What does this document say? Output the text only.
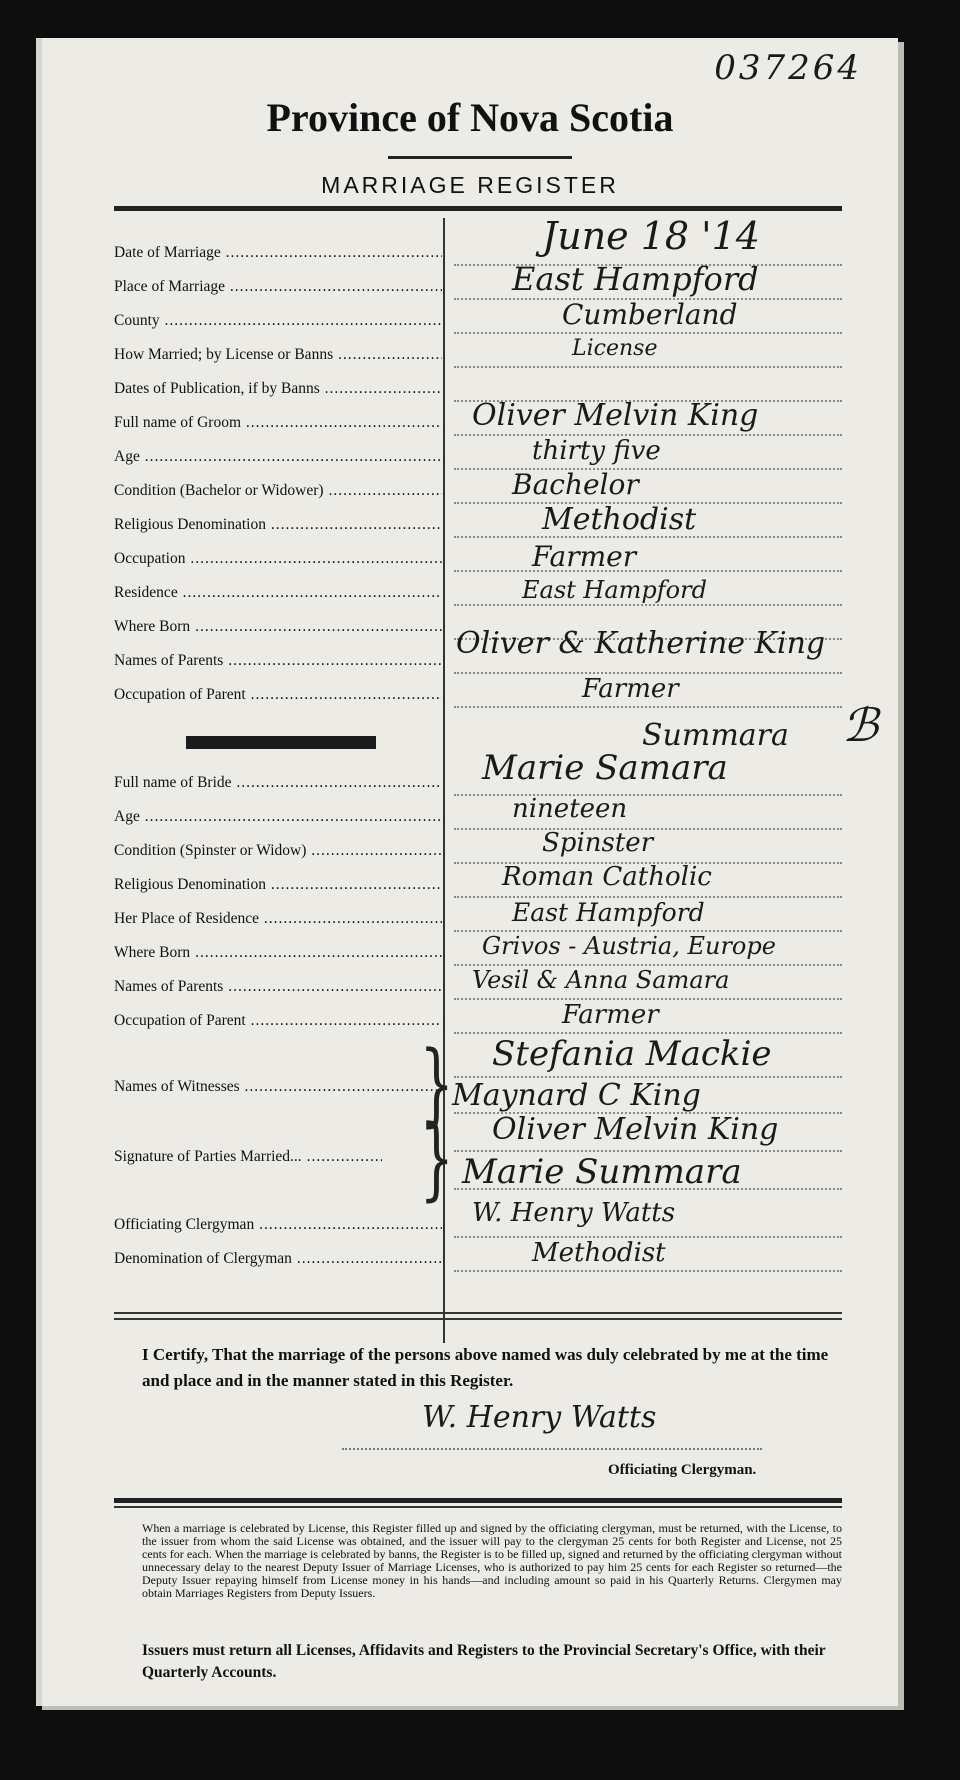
037264
Province of Nova Scotia
MARRIAGE REGISTER
Date of Marriage .....	June 18 '14
Place of Marriage .....	East Hampford
County .....	Cumberland
How Married; by License or Banns .....	License
Dates of Publication, if by Banns .....
Full name of Groom .....	Oliver Melvin King
Age .....	thirty five
Condition (Bachelor or Widower) .....	Bachelor
Religious Denomination .....	Methodist
Occupation .....	Farmer
Residence .....	East Hampford
Where Born .....
Names of Parents .....	Oliver & Katherine King
Occupation of Parent .....	Farmer
Summara ℬ
Full name of Bride .....	Marie Samara
Age .....	nineteen
Condition (Spinster or Widow) .....	Spinster
Religious Denomination .....	Roman Catholic
Her Place of Residence .....	East Hampford
Where Born .....	Grivos - Austria, Europe
Names of Parents .....	Vesil & Anna Samara
Occupation of Parent .....	Farmer
Names of Witnesses .....	} Stefania Mackie
Maynard C King
Signature of Parties Married... .....	} Oliver Melvin King
Marie Summara
Officiating Clergyman .....	W. Henry Watts
Denomination of Clergyman .....	Methodist
I Certify, That the marriage of the persons above named was duly celebrated by me at the time and place and in the manner stated in this Register.
W. Henry Watts
Officiating Clergyman.
When a marriage is celebrated by License, this Register filled up and signed by the officiating clergyman, must be returned, with the License, to the issuer from whom the said License was obtained, and the issuer will pay to the clergyman 25 cents for both Register and License, not 25 cents for each. When the marriage is celebrated by banns, the Register is to be filled up, signed and returned by the officiating clergyman without unnecessary delay to the nearest Deputy Issuer of Marriage Licenses, who is authorized to pay him 25 cents for each Register so returned—the Deputy Issuer repaying himself from License money in his hands—and including amount so paid in his Quarterly Returns. Clergymen may obtain Marriages Registers from Deputy Issuers.
Issuers must return all Licenses, Affidavits and Registers to the Provincial Secretary's Office, with their Quarterly Accounts.
